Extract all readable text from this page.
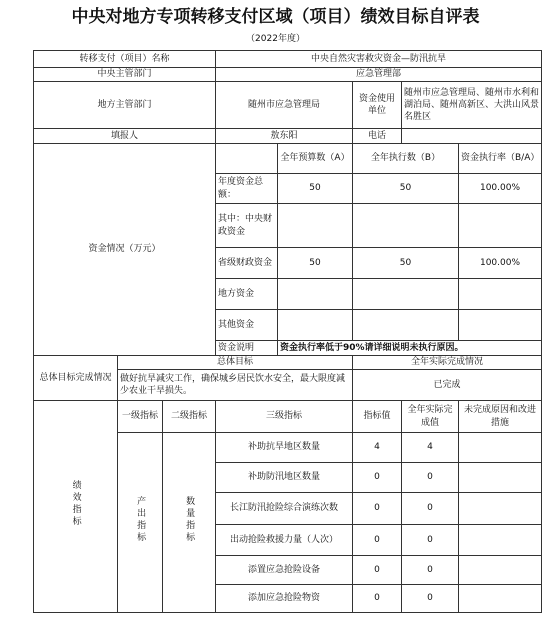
中央对地方专项转移支付区域（项目）绩效目标自评表
（2022年度）
转移支付（项目）名称			中央自然灾害救灾资金—防汛抗旱				
中央主管部门			应急管理部				
地方主管部门			随州市应急管理局		资金使用单位	随州市应急管理局、随州市水利和湖泊局、随州高新区、大洪山风景名胜区	
填报人			敖东阳		电话		
资金情况（万元）				全年预算数（A）	全年执行数（B）		资金执行率（B/A）
			年度资金总额：	50	50		100.00%
			其中：中央财政资金				
			省级财政资金	50	50		100.00%
			地方资金				
			其他资金				
			资金说明	资金执行率低于90%请详细说明未执行原因。			
总体目标完成情况	总体目标				全年实际完成情况		
	做好抗旱减灾工作，确保城乡居民饮水安全，最大限度减少农业干旱损失。				已完成		
绩效指标	一级指标	二级指标	三级指标		指标值	全年实际完成值	未完成原因和改进措施
	产出指标	数量指标	补助抗旱地区数量		4	4	
			补助防汛地区数量		0	0	
			长江防汛抢险综合演练次数		0	0	
			出动抢险救援力量（人次）		0	0	
			添置应急抢险设备		0	0	
			添加应急抢险物资		0	0	
